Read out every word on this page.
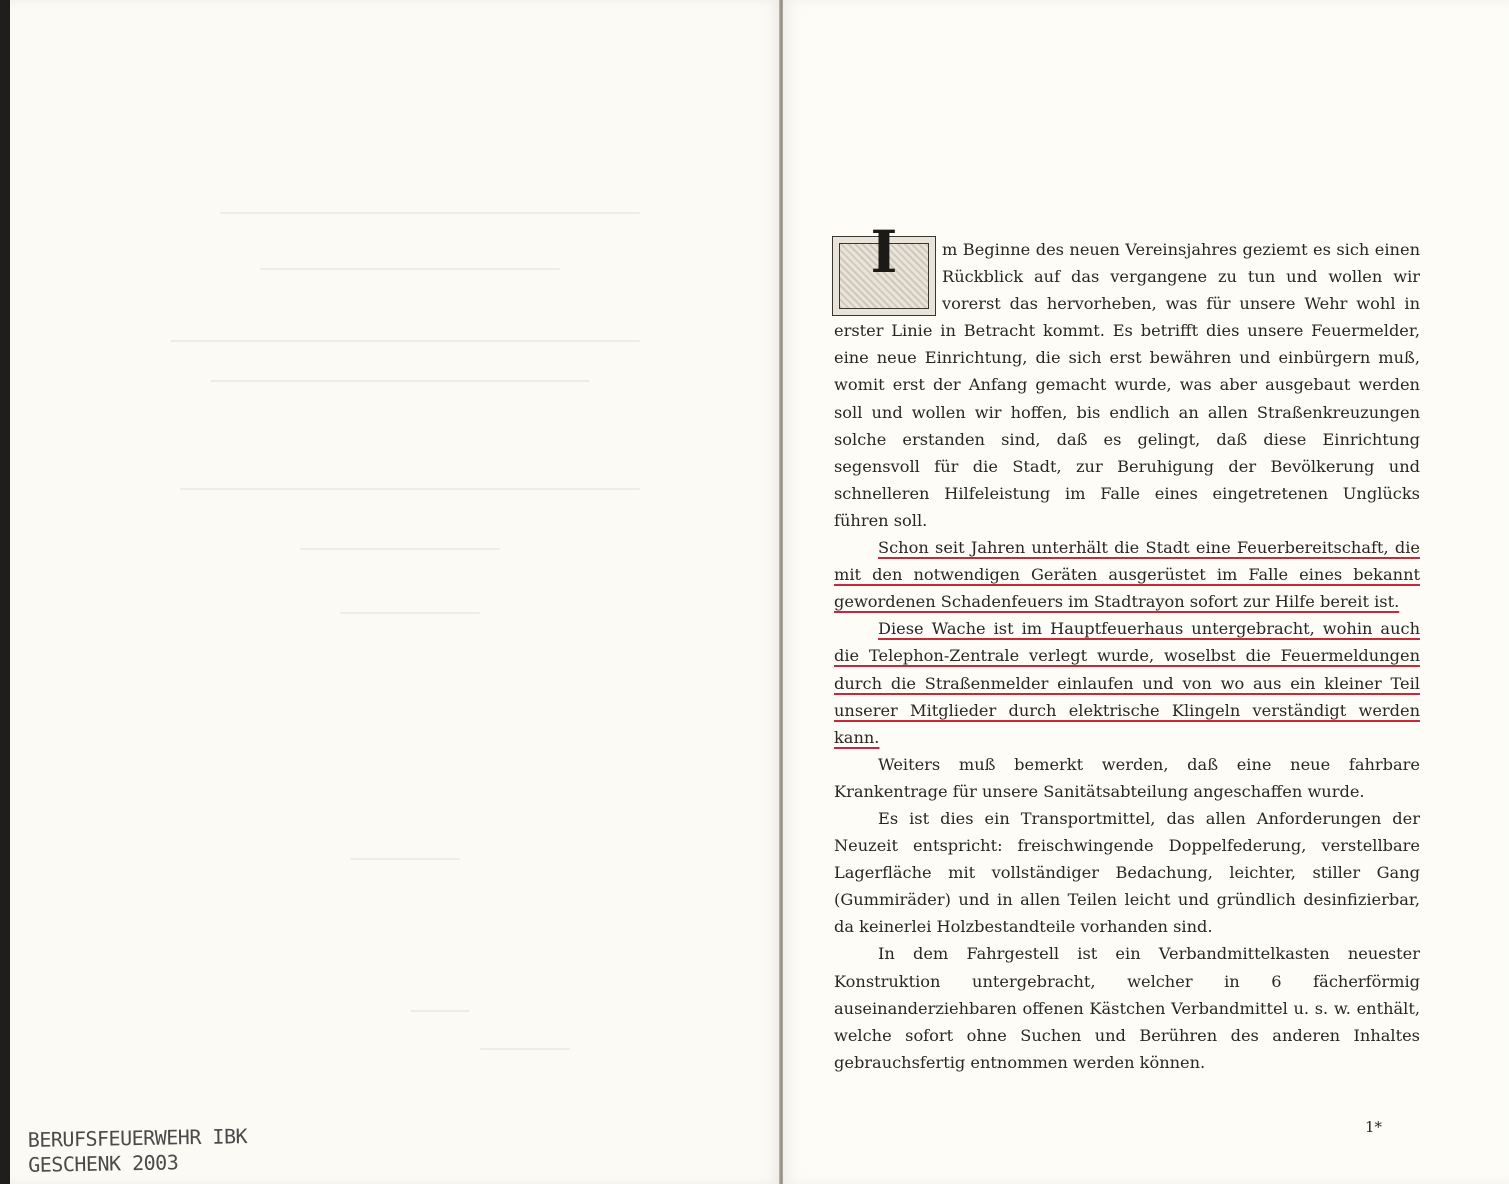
BERUFSFEUERWEHR IBK
GESCHENK 2003

I	m Beginne des neuen Vereinsjahres geziemt es sich einen Rückblick auf das vergangene zu tun und wollen wir vorerst das hervorheben, was für unsere Wehr wohl in erster Linie in Betracht kommt. Es betrifft dies unsere Feuermelder, eine neue Einrichtung, die sich erst bewähren und einbürgern muß, womit erst der Anfang gemacht wurde, was aber ausgebaut werden soll und wollen wir hoffen, bis endlich an allen Straßenkreuzungen solche erstanden sind, daß es gelingt, daß diese Einrichtung segensvoll für die Stadt, zur Beruhigung der Bevölkerung und schnelleren Hilfeleistung im Falle eines eingetretenen Unglücks führen soll.

Schon seit Jahren unterhält die Stadt eine Feuerbereitschaft, die mit den notwendigen Geräten ausgerüstet im Falle eines bekannt gewordenen Schadenfeuers im Stadtrayon sofort zur Hilfe bereit ist.

Diese Wache ist im Hauptfeuerhaus untergebracht, wohin auch die Telephon-Zentrale verlegt wurde, woselbst die Feuermeldungen durch die Straßenmelder einlaufen und von wo aus ein kleiner Teil unserer Mitglieder durch elektrische Klingeln verständigt werden kann.

Weiters muß bemerkt werden, daß eine neue fahrbare Krankentrage für unsere Sanitätsabteilung angeschaffen wurde.

Es ist dies ein Transportmittel, das allen Anforderungen der Neuzeit entspricht: freischwingende Doppelfederung, verstellbare Lagerfläche mit vollständiger Bedachung, leichter, stiller Gang (Gummiräder) und in allen Teilen leicht und gründlich desinfizierbar, da keinerlei Holzbestandteile vorhanden sind.

In dem Fahrgestell ist ein Verbandmittelkasten neuester Konstruktion untergebracht, welcher in 6 fächerförmig auseinanderziehbaren offenen Kästchen Verbandmittel u. s. w. enthält, welche sofort ohne Suchen und Berühren des anderen Inhaltes gebrauchsfertig entnommen werden können.

1*
